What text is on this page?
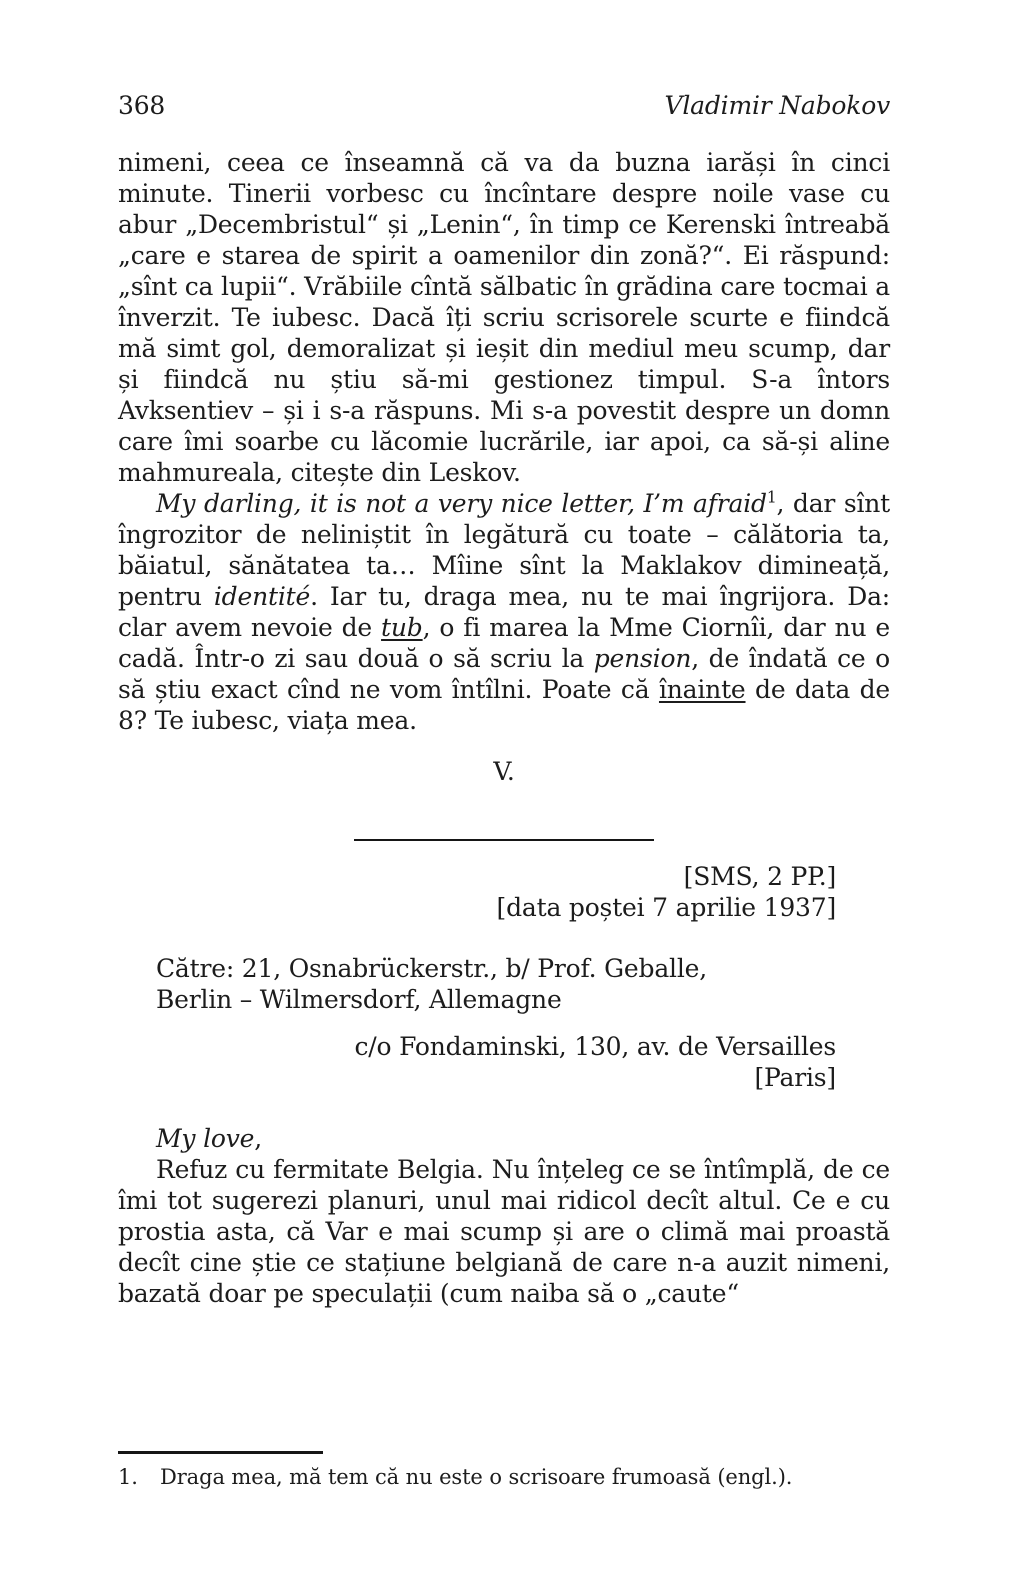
368	Vladimir Nabokov

nimeni, ceea ce înseamnă că va da buzna iarăși în cinci minute. Tinerii vorbesc cu încîntare despre noile vase cu abur „Decembristul“ și „Lenin“, în timp ce Kerenski întreabă „care e starea de spirit a oamenilor din zonă?“. Ei răspund: „sînt ca lupii“. Vrăbiile cîntă sălbatic în grădina care tocmai a înverzit. Te iubesc. Dacă îți scriu scrisorele scurte e fiindcă mă simt gol, demoralizat și ieșit din mediul meu scump, dar și fiindcă nu știu să-mi gestionez timpul. S-a întors Avksentiev – și i s-a răspuns. Mi s-a povestit despre un domn care îmi soarbe cu lăcomie lucrările, iar apoi, ca să-și aline mahmureala, citește din Leskov.

My darling, it is not a very nice letter, I’m afraid$^1$, dar sînt îngrozitor de neliniștit în legătură cu toate – călătoria ta, băiatul, sănătatea ta… Mîine sînt la Maklakov dimineață, pentru identité. Iar tu, draga mea, nu te mai îngrijora. Da: clar avem nevoie de tub, o fi marea la Mme Ciornîi, dar nu e cadă. Într-o zi sau două o să scriu la pension, de îndată ce o să știu exact cînd ne vom întîlni. Poate că înainte de data de 8? Te iubesc, viața mea.

V.
[SMS, 2 PP.]
[data poștei 7 aprilie 1937]
Către: 21, Osnabrückerstr., b/ Prof. Geballe,
Berlin – Wilmersdorf, Allemagne
c/o Fondaminski, 130, av. de Versailles
[Paris]

My love,

Refuz cu fermitate Belgia. Nu înțeleg ce se întîmplă, de ce îmi tot sugerezi planuri, unul mai ridicol decît altul. Ce e cu prostia asta, că Var e mai scump și are o climă mai proastă decît cine știe ce stațiune belgiană de care n-a auzit nimeni, bazată doar pe speculații (cum naiba să o „caute“

1.	Draga mea, mă tem că nu este o scrisoare frumoasă (engl.).
